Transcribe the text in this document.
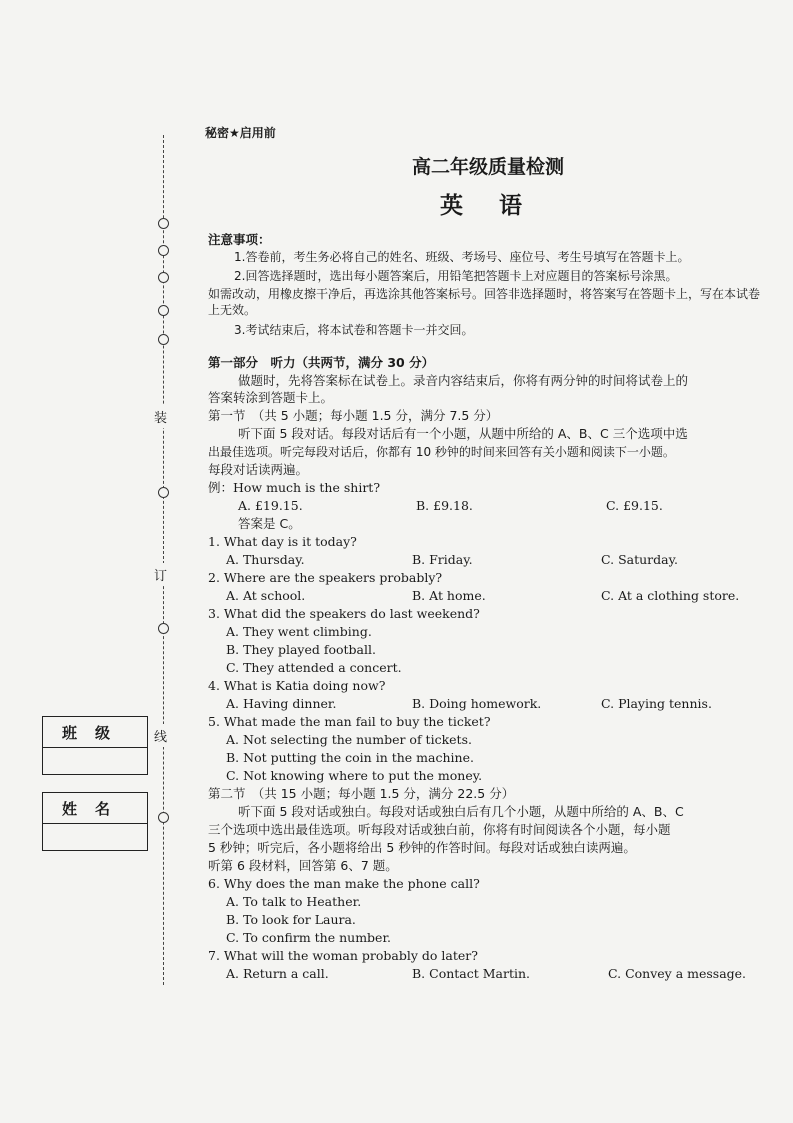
装
订
线
班级
姓名
秘密★启用前
高二年级质量检测
英 语
注意事项：
1.答卷前，考生务必将自己的姓名、班级、考场号、座位号、考生号填写在答题卡上。
2.回答选择题时，选出每小题答案后，用铅笔把答题卡上对应题目的答案标号涂黑。
如需改动，用橡皮擦干净后，再选涂其他答案标号。回答非选择题时，将答案写在答题卡上，写在本试卷上无效。
3.考试结束后，将本试卷和答题卡一并交回。
第一部分　听力（共两节，满分 30 分）
做题时，先将答案标在试卷上。录音内容结束后，你将有两分钟的时间将试卷上的
答案转涂到答题卡上。
第一节　（共 5 小题；每小题 1.5 分，满分 7.5 分）
听下面 5 段对话。每段对话后有一个小题，从题中所给的 A、B、C 三个选项中选
出最佳选项。听完每段对话后，你都有 10 秒钟的时间来回答有关小题和阅读下一小题。
每段对话读两遍。
例：How much is the shirt?
A. £19.15.	B. £9.18.	C. £9.15.
答案是 C。
1. What day is it today?
A. Thursday.	B. Friday.	C. Saturday.
2. Where are the speakers probably?
A. At school.	B. At home.	C. At a clothing store.
3. What did the speakers do last weekend?
A. They went climbing.
B. They played football.
C. They attended a concert.
4. What is Katia doing now?
A. Having dinner.	B. Doing homework.	C. Playing tennis.
5. What made the man fail to buy the ticket?
A. Not selecting the number of tickets.
B. Not putting the coin in the machine.
C. Not knowing where to put the money.
第二节　（共 15 小题；每小题 1.5 分，满分 22.5 分）
听下面 5 段对话或独白。每段对话或独白后有几个小题，从题中所给的 A、B、C
三个选项中选出最佳选项。听每段对话或独白前，你将有时间阅读各个小题，每小题
5 秒钟；听完后，各小题将给出 5 秒钟的作答时间。每段对话或独白读两遍。
听第 6 段材料，回答第 6、7 题。
6. Why does the man make the phone call?
A. To talk to Heather.
B. To look for Laura.
C. To confirm the number.
7. What will the woman probably do later?
A. Return a call.	B. Contact Martin.	C. Convey a message.
